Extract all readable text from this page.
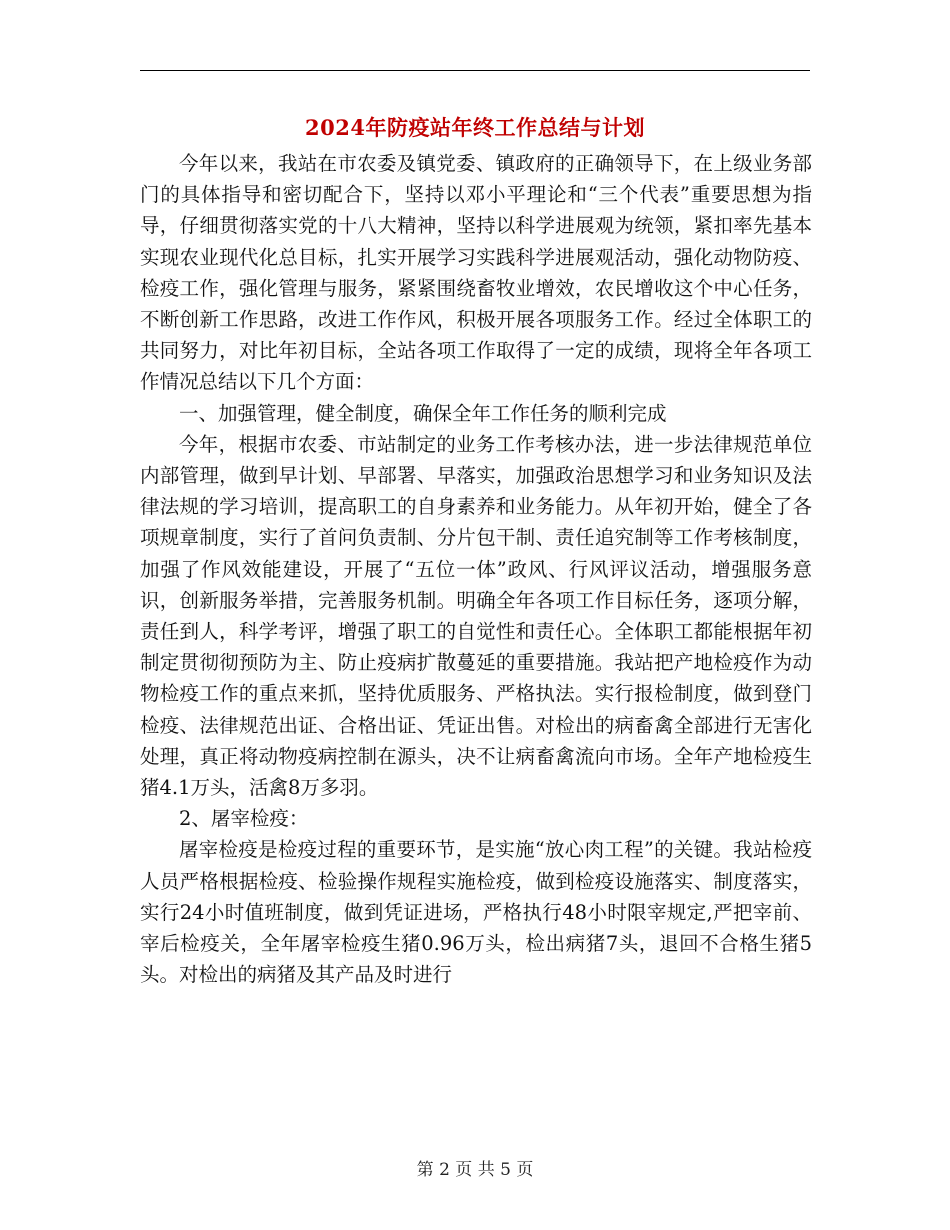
2024年防疫站年终工作总结与计划

今年以来，我站在市农委及镇党委、镇政府的正确领导下，在上级业务部门的具体指导和密切配合下，坚持以邓小平理论和“三个代表”重要思想为指导，仔细贯彻落实党的十八大精神，坚持以科学进展观为统领，紧扣率先基本实现农业现代化总目标，扎实开展学习实践科学进展观活动，强化动物防疫、检疫工作，强化管理与服务，紧紧围绕畜牧业增效，农民增收这个中心任务，不断创新工作思路，改进工作作风，积极开展各项服务工作。经过全体职工的共同努力，对比年初目标，全站各项工作取得了一定的成绩，现将全年各项工作情况总结以下几个方面：

一、加强管理，健全制度，确保全年工作任务的顺利完成

今年，根据市农委、市站制定的业务工作考核办法，进一步法律规范单位内部管理，做到早计划、早部署、早落实，加强政治思想学习和业务知识及法律法规的学习培训，提高职工的自身素养和业务能力。从年初开始，健全了各项规章制度，实行了首问负责制、分片包干制、责任追究制等工作考核制度，加强了作风效能建设，开展了“五位一体”政风、行风评议活动，增强服务意识，创新服务举措，完善服务机制。明确全年各项工作目标任务，逐项分解，责任到人，科学考评，增强了职工的自觉性和责任心。全体职工都能根据年初制定贯彻彻预防为主、防止疫病扩散蔓延的重要措施。我站把产地检疫作为动物检疫工作的重点来抓，坚持优质服务、严格执法。实行报检制度，做到登门检疫、法律规范出证、合格出证、凭证出售。对检出的病畜禽全部进行无害化处理，真正将动物疫病控制在源头，决不让病畜禽流向市场。全年产地检疫生猪4.1万头，活禽8万多羽。

2、屠宰检疫：

屠宰检疫是检疫过程的重要环节，是实施“放心肉工程”的关键。我站检疫人员严格根据检疫、检验操作规程实施检疫，做到检疫设施落实、制度落实，实行24小时值班制度，做到凭证进场，严格执行48小时限宰规定,严把宰前、宰后检疫关，全年屠宰检疫生猪0.96万头，检出病猪7头，退回不合格生猪5头。对检出的病猪及其产品及时进行

第 2 页 共 5 页
